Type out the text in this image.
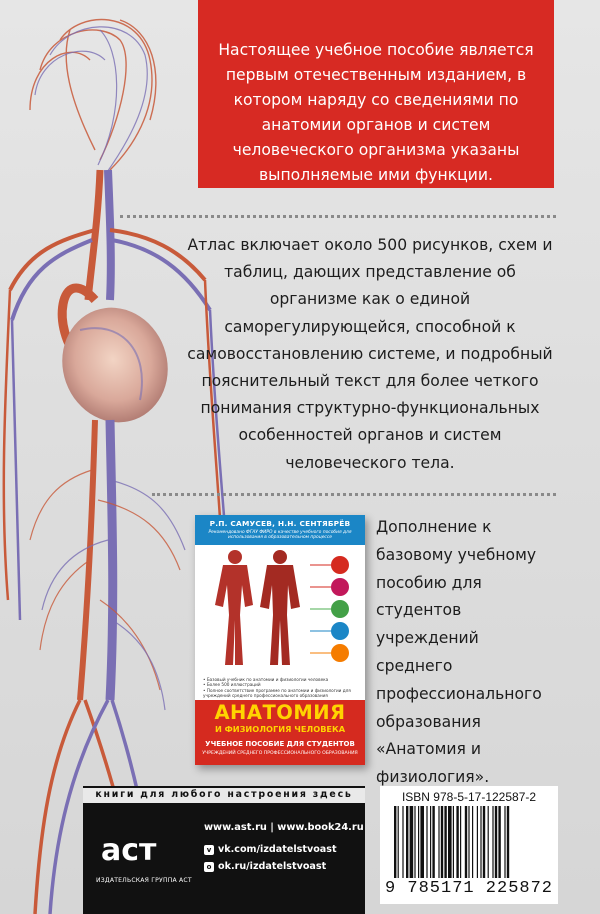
Настоящее учебное пособие является первым отечественным изданием, в котором наряду со сведениями по анатомии органов и систем человеческого организма указаны выполняемые ими функции.

Атлас включает около 500 рисунков, схем и таблиц, дающих представление об организме как о единой саморегулирующейся, способной к самовосстановлению системе, и подробный пояснительный текст для более четкого понимания структурно-функциональных особенностей органов и систем человеческого тела.

Р.П. САМУСЕВ, Н.Н. СЕНТЯБРЁВ
Рекомендовано ФГАУ ФИРО в качестве учебного пособия для использования в образовательном процессе
• Базовый учебник по анатомии и физиологии человека
• Более 500 иллюстраций
• Полное соответствие программе по анатомии и физиологии для учреждений среднего профессионального образования
АНАТОМИЯ
И ФИЗИОЛОГИЯ ЧЕЛОВЕКА
УЧЕБНОЕ ПОСОБИЕ ДЛЯ СТУДЕНТОВ
УЧРЕЖДЕНИЙ СРЕДНЕГО ПРОФЕССИОНАЛЬНОГО ОБРАЗОВАНИЯ

Дополнение к базовому учебному пособию для студентов учреждений среднего профессионального образования «Анатомия и физиология».

книги для любого настроения здесь
аст
ИЗДАТЕЛЬСКАЯ ГРУППА АСТ
www.ast.ru | www.book24.ru
v vk.com/izdatelstvoast
o ok.ru/izdatelstvoast
ISBN 978-5-17-122587-2
9 785171 225872
